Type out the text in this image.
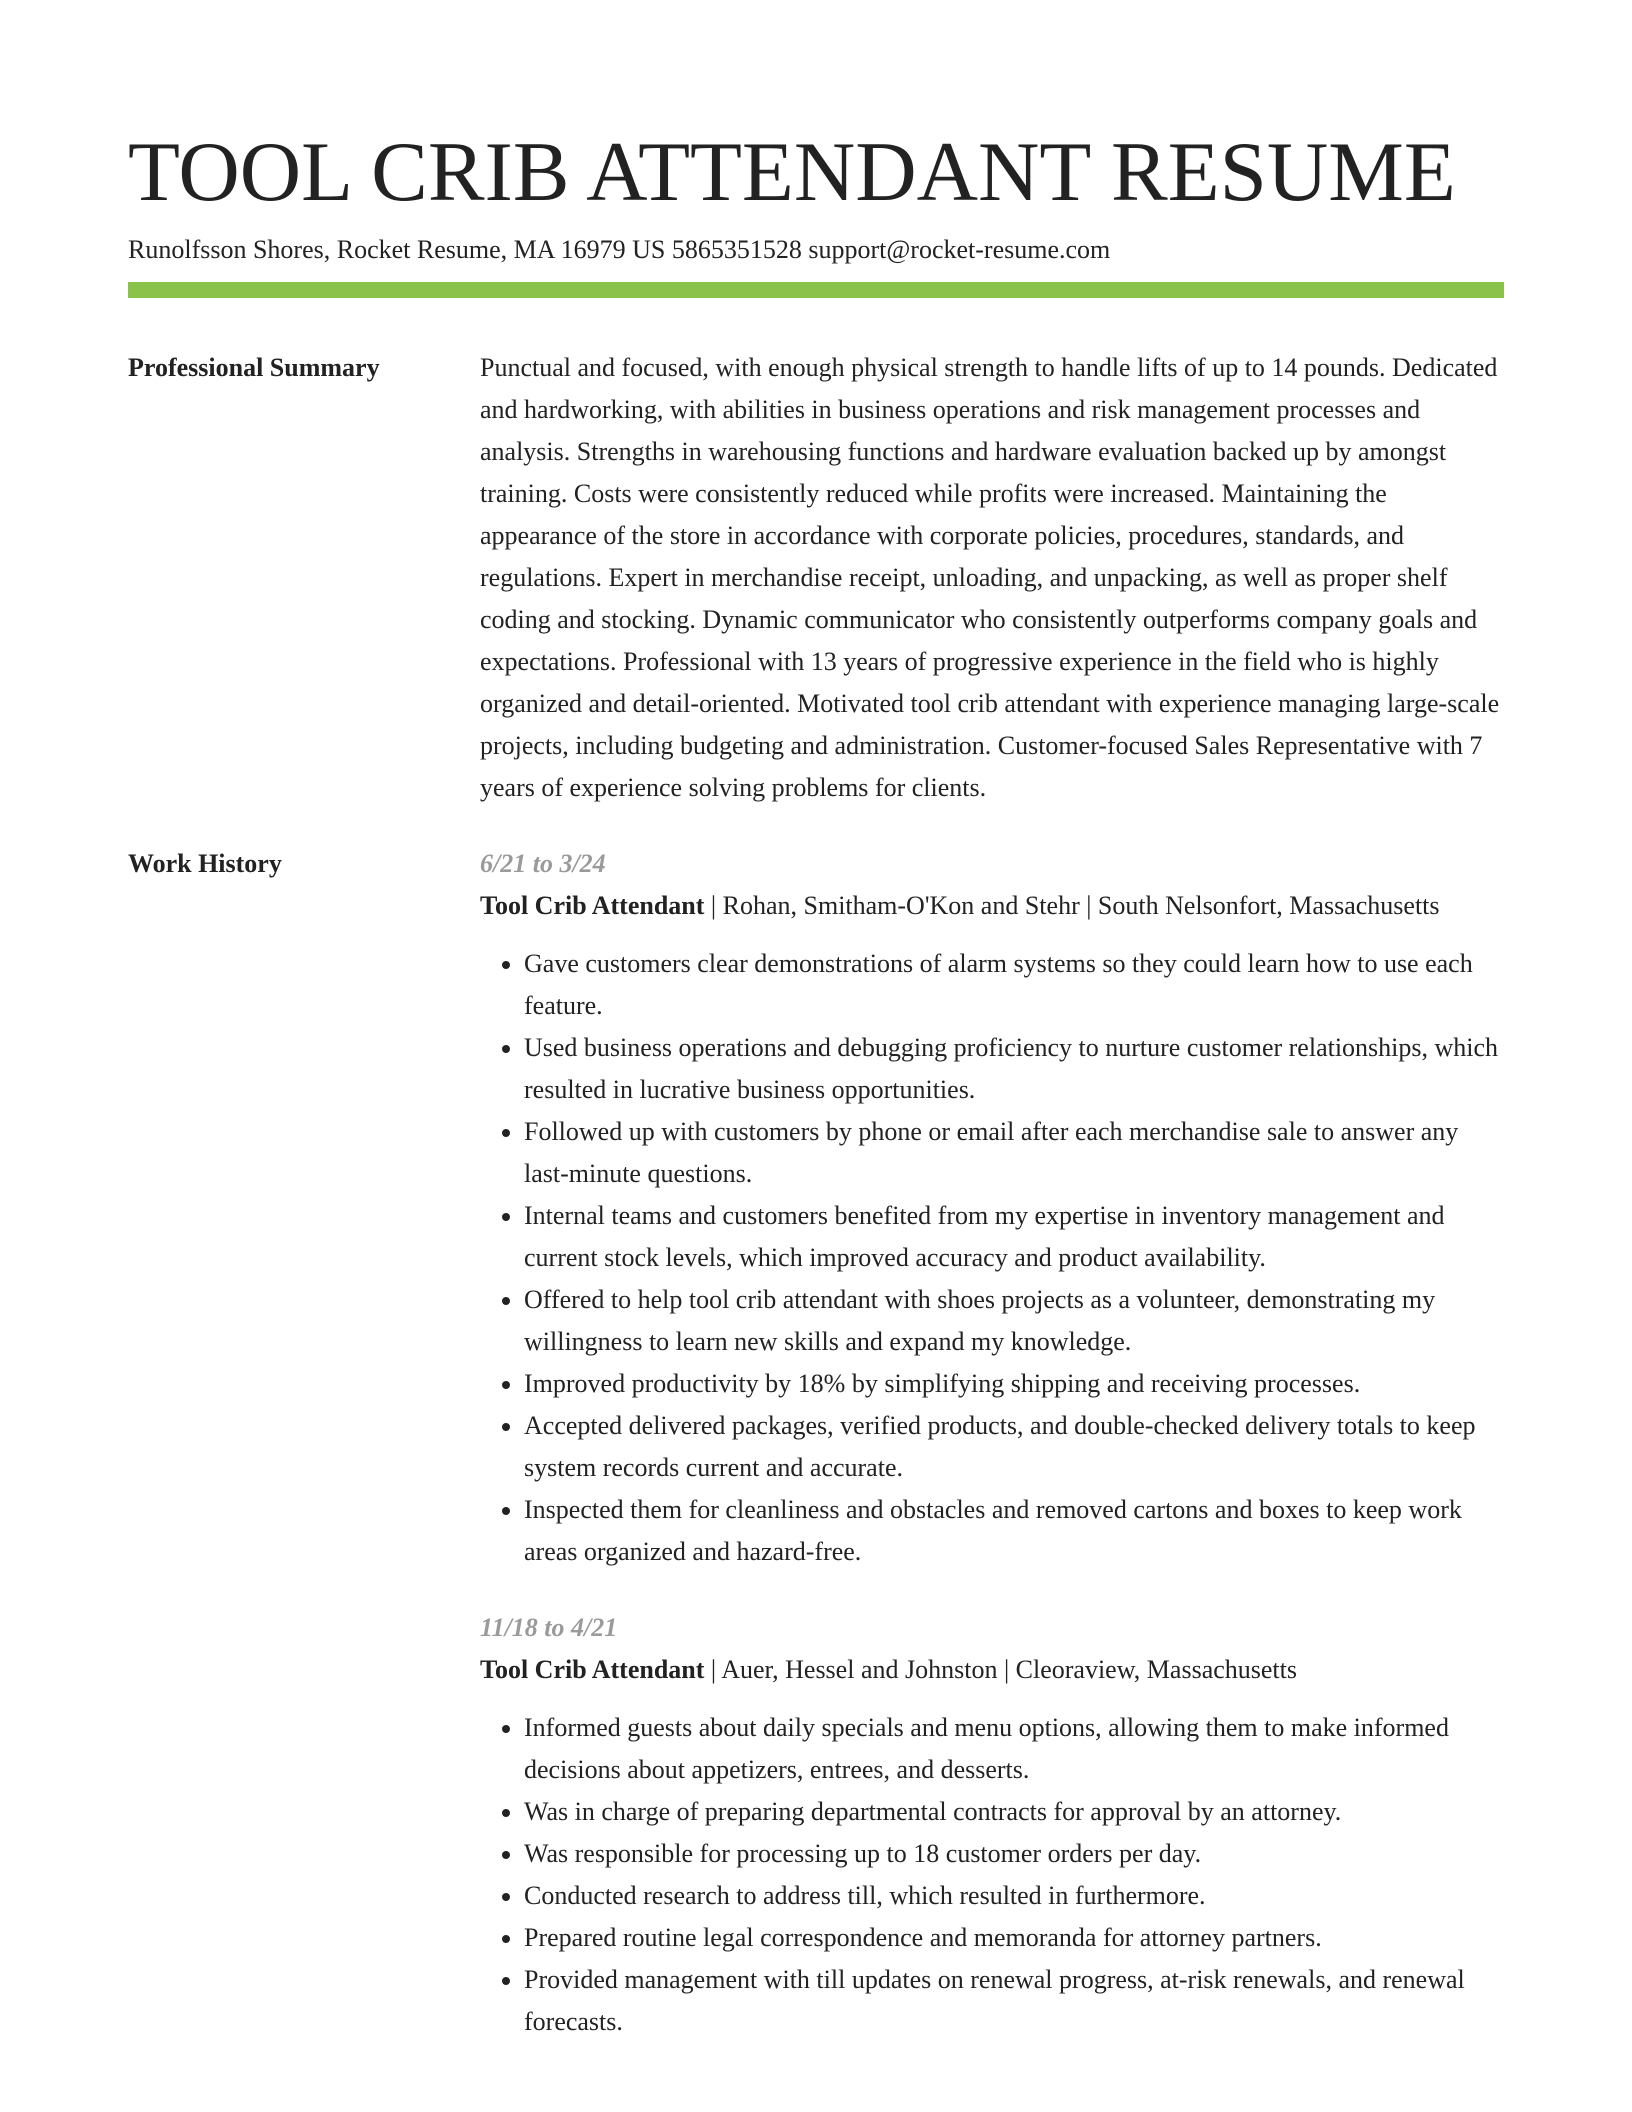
TOOL CRIB ATTENDANT RESUME
Runolfsson Shores, Rocket Resume, MA 16979 US 5865351528 support@rocket-resume.com
Professional Summary	Punctual and focused, with enough physical strength to handle lifts of up to 14 pounds. Dedicated and hardworking, with abilities in business operations and risk management processes and analysis. Strengths in warehousing functions and hardware evaluation backed up by amongst training. Costs were consistently reduced while profits were increased. Maintaining the appearance of the store in accordance with corporate policies, procedures, standards, and regulations. Expert in merchandise receipt, unloading, and unpacking, as well as proper shelf coding and stocking. Dynamic communicator who consistently outperforms company goals and expectations. Professional with 13 years of progressive experience in the field who is highly organized and detail-oriented. Motivated tool crib attendant with experience managing large-scale projects, including budgeting and administration. Customer-focused Sales Representative with 7 years of experience solving problems for clients.
Work History	6/21 to 3/24
Tool Crib Attendant | Rohan, Smitham-O'Kon and Stehr | South Nelsonfort, Massachusetts
• Gave customers clear demonstrations of alarm systems so they could learn how to use each feature.
• Used business operations and debugging proficiency to nurture customer relationships, which resulted in lucrative business opportunities.
• Followed up with customers by phone or email after each merchandise sale to answer any last-minute questions.
• Internal teams and customers benefited from my expertise in inventory management and current stock levels, which improved accuracy and product availability.
• Offered to help tool crib attendant with shoes projects as a volunteer, demonstrating my willingness to learn new skills and expand my knowledge.
• Improved productivity by 18% by simplifying shipping and receiving processes.
• Accepted delivered packages, verified products, and double-checked delivery totals to keep system records current and accurate.
• Inspected them for cleanliness and obstacles and removed cartons and boxes to keep work areas organized and hazard-free.
11/18 to 4/21
Tool Crib Attendant | Auer, Hessel and Johnston | Cleoraview, Massachusetts
• Informed guests about daily specials and menu options, allowing them to make informed decisions about appetizers, entrees, and desserts.
• Was in charge of preparing departmental contracts for approval by an attorney.
• Was responsible for processing up to 18 customer orders per day.
• Conducted research to address till, which resulted in furthermore.
• Prepared routine legal correspondence and memoranda for attorney partners.
• Provided management with till updates on renewal progress, at-risk renewals, and renewal forecasts.
